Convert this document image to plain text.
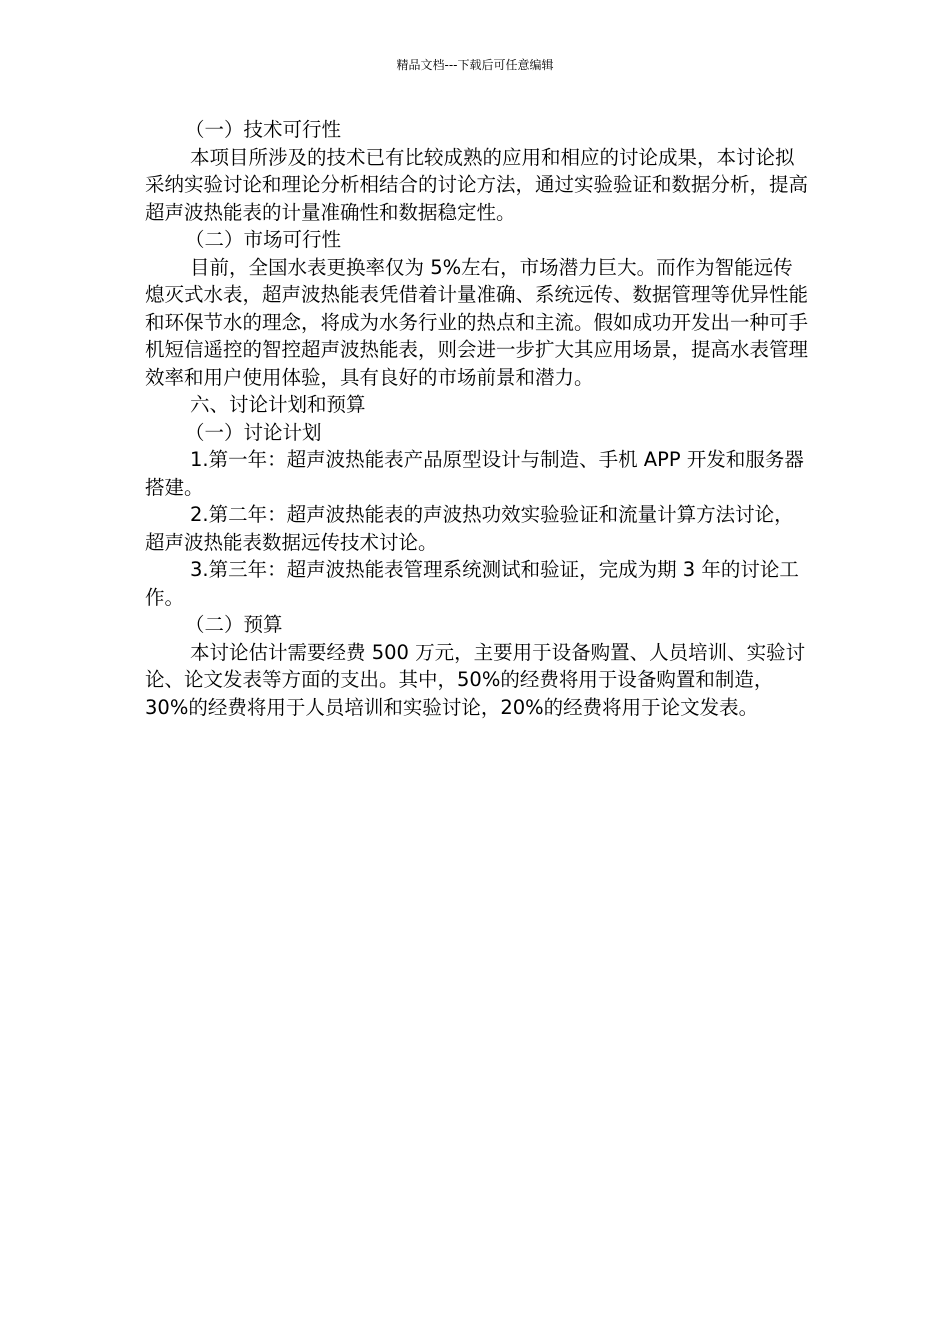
精品文档---下载后可任意编辑

（一）技术可行性

本项目所涉及的技术已有比较成熟的应用和相应的讨论成果，本讨论拟采纳实验讨论和理论分析相结合的讨论方法，通过实验验证和数据分析，提高超声波热能表的计量准确性和数据稳定性。

（二）市场可行性

目前，全国水表更换率仅为 5%左右，市场潜力巨大。而作为智能远传熄灭式水表，超声波热能表凭借着计量准确、系统远传、数据管理等优异性能和环保节水的理念，将成为水务行业的热点和主流。假如成功开发出一种可手机短信遥控的智控超声波热能表，则会进一步扩大其应用场景，提高水表管理效率和用户使用体验，具有良好的市场前景和潜力。

六、讨论计划和预算

（一）讨论计划

1.第一年：超声波热能表产品原型设计与制造、手机 APP 开发和服务器搭建。

2.第二年：超声波热能表的声波热功效实验验证和流量计算方法讨论，超声波热能表数据远传技术讨论。

3.第三年：超声波热能表管理系统测试和验证，完成为期 3 年的讨论工作。

（二）预算

本讨论估计需要经费 500 万元，主要用于设备购置、人员培训、实验讨论、论文发表等方面的支出。其中，50%的经费将用于设备购置和制造，30%的经费将用于人员培训和实验讨论，20%的经费将用于论文发表。
